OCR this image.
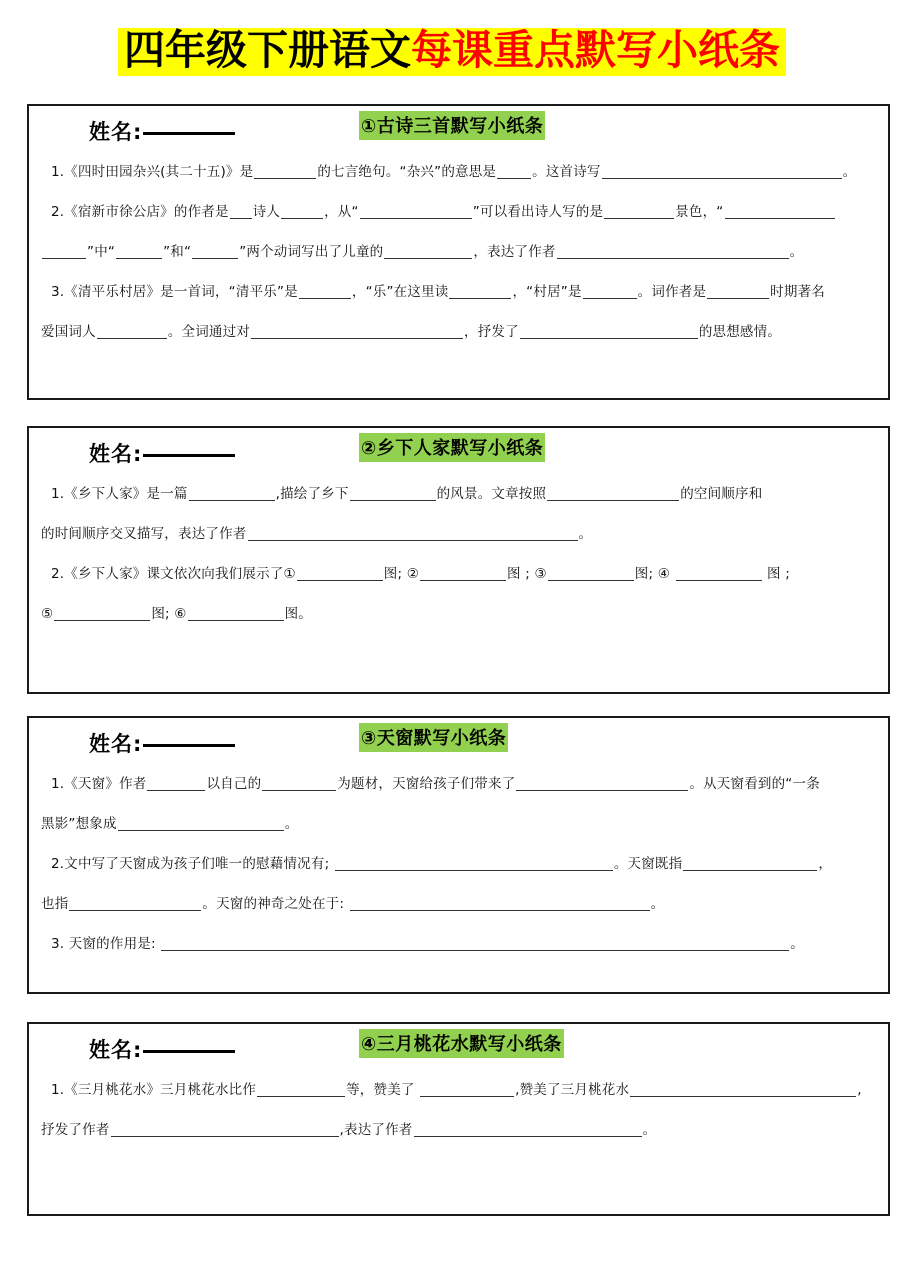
四年级下册语文每课重点默写小纸条
姓名:	①古诗三首默写小纸条
1.《四时田园杂兴(其二十五)》是	的七言绝句。“杂兴”的意思是	。这首诗写	。
2.《宿新市徐公店》的作者是 诗人	，从“	”可以看出诗人写的是	景色，“
”中“	”和“	”两个动词写出了儿童的	，表达了作者	。
3.《清平乐村居》是一首词，“清平乐”是	，“乐”在这里读	，“村居”是	。词作者是	时期著名
爱国词人	。全词通过对	，抒发了	的思想感情。
姓名:	②乡下人家默写小纸条
1.《乡下人家》是一篇	,描绘了乡下	的风景。文章按照	的空间顺序和
的时间顺序交叉描写，表达了作者	。
2.《乡下人家》课文依次向我们展示了①	图; ②	图 ; ③	图; ④	图 ;
⑤	图; ⑥	图。
姓名:	③天窗默写小纸条
1.《天窗》作者	以自己的	为题材，天窗给孩子们带来了	。从天窗看到的“一条
黑影”想象成	。
2.文中写了天窗成为孩子们唯一的慰藉情况有;	。天窗既指	，
也指	。天窗的神奇之处在于:	。
3. 天窗的作用是:	。
姓名:	④三月桃花水默写小纸条
1.《三月桃花水》三月桃花水比作	等，赞美了	,赞美了三月桃花水	,
抒发了作者	,表达了作者	。
